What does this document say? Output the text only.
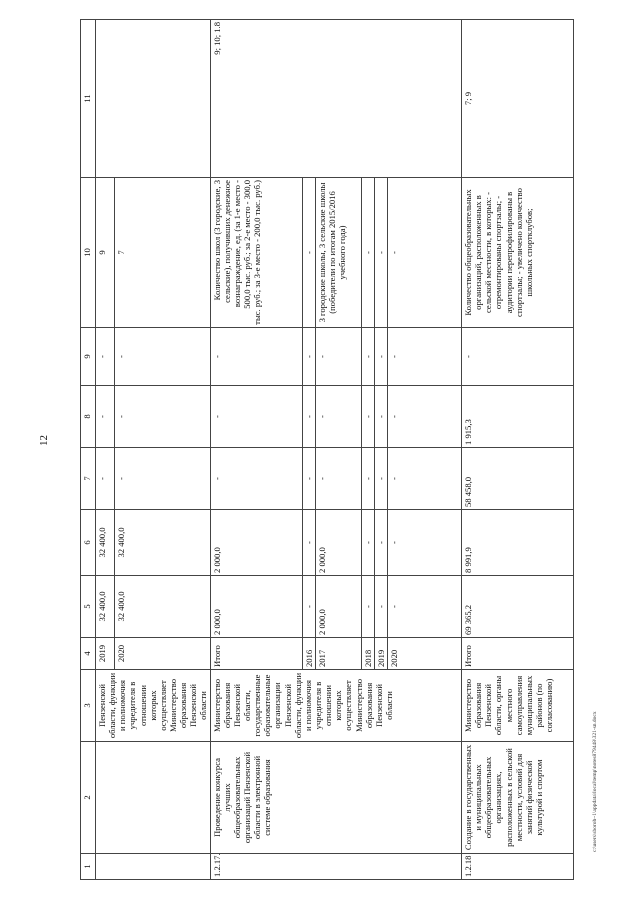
12
c:\users\sboroh~1\appdata\local\temp\notes879448\321-sn.docx
1	2	3	4	5	6	7	8	9	10	11
		Пензенской области, функции и полномочия учредителя в отношении которых осуществляет Министерство образования Пензенской области	2019	32 400,0	32 400,0	-	-	-	9	
			2020	32 400,0	32 400,0	-	-	-	7	
1.2.17.	Проведение конкурса лучших общеобразовательных организаций Пензенской области в электронной системе образования	Министерство образования Пензенской области, государственные образовательные организации Пензенской области, функции и полномочия учредителя в отношении которых осуществляет Министерство образования Пензенской области	Итого	2 000,0	2 000,0	-	-	-	Количество школ (3 городские, 3 сельские), получивших денежное вознаграждение, ед. (за 1-е место - 500,0 тыс. руб.; за 2-е место - 300,0 тыс. руб.; за 3-е место - 200,0 тыс. руб.)	9; 10; 1.8
			2016	-	-	-	-	-	-	
			2017	2 000,0	2 000,0	-	-	-	3 городские школы, 3 сельские школы (победители по итогам 2015/2016 учебного года)	
			2018	-	-	-	-	-	-	
			2019	-	-	-	-	-	-	
			2020	-	-	-	-	-	-	
1.2.18	Создание в государственных и муниципальных общеобразовательных организациях, расположенных в сельской местности, условий для занятий физической культурой и спортом	Министерство образования Пензенской области, органы местного самоуправления муниципальных районов (по согласованию)	Итого	69 365,2	8 991,9	58 458,0	1 915,3	-	Количество общеобразовательных организаций, расположенных в сельской местности, в которых: - отремонтированы спортзалы; - аудитории перепрофилированы в спортзалы; - увеличено количество школьных спортклубов;	7; 9
